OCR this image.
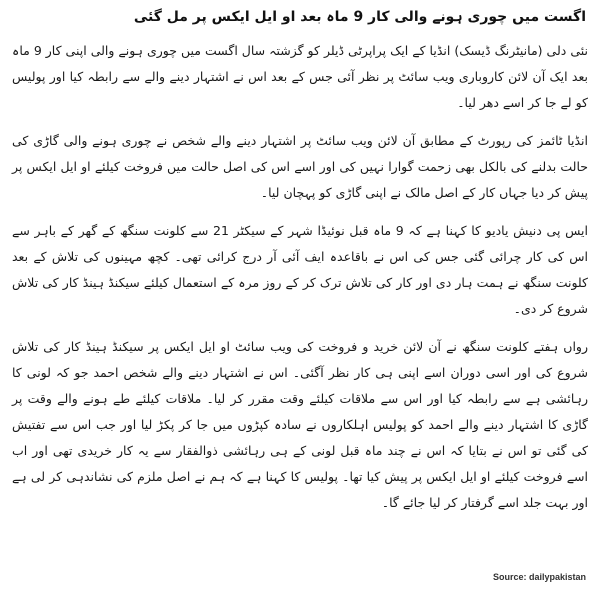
اگست میں چوری ہونے والی کار 9 ماہ بعد او ایل ایکس پر مل گئی

نئی دلی (مانیٹرنگ ڈیسک) انڈیا کے ایک پراپرٹی ڈیلر کو گزشتہ سال اگست میں چوری ہونے والی اپنی کار 9 ماہ بعد ایک آن لائن کاروباری ویب سائٹ پر نظر آئی جس کے بعد اس نے اشتہار دینے والے سے رابطہ کیا اور پولیس کو لے جا کر اسے دھر لیا۔

انڈیا ٹائمز کی رپورٹ کے مطابق آن لائن ویب سائٹ پر اشتہار دینے والے شخص نے چوری ہونے والی گاڑی کی حالت بدلنے کی بالکل بھی زحمت گوارا نہیں کی اور اسے اس کی اصل حالت میں فروخت کیلئے او ایل ایکس پر پیش کر دیا جہاں کار کے اصل مالک نے اپنی گاڑی کو پہچان لیا۔

ایس پی دنیش یادیو کا کہنا ہے کہ 9 ماہ قبل نوئیڈا شہر کے سیکٹر 21 سے کلونت سنگھ کے گھر کے باہر سے اس کی کار چرائی گئی جس کی اس نے باقاعدہ ایف آئی آر درج کرائی تھی۔ کچھ مہینوں کی تلاش کے بعد کلونت سنگھ نے ہمت ہار دی اور کار کی تلاش ترک کر کے روز مرہ کے استعمال کیلئے سیکنڈ ہینڈ کار کی تلاش شروع کر دی۔

رواں ہفتے کلونت سنگھ نے آن لائن خرید و فروخت کی ویب سائٹ او ایل ایکس پر سیکنڈ ہینڈ کار کی تلاش شروع کی اور اسی دوران اسے اپنی ہی کار نظر آگئی۔ اس نے اشتہار دینے والے شخص احمد جو کہ لونی کا رہائشی ہے سے رابطہ کیا اور اس سے ملاقات کیلئے وقت مقرر کر لیا۔ ملاقات کیلئے طے ہونے والے وقت پر گاڑی کا اشتہار دینے والے احمد کو پولیس اہلکاروں نے سادہ کپڑوں میں جا کر پکڑ لیا اور جب اس سے تفتیش کی گئی تو اس نے بتایا کہ اس نے چند ماہ قبل لونی کے ہی رہائشی ذوالفقار سے یہ کار خریدی تھی اور اب اسے فروخت کیلئے او ایل ایکس پر پیش کیا تھا۔ پولیس کا کہنا ہے کہ ہم نے اصل ملزم کی نشاندہی کر لی ہے اور بہت جلد اسے گرفتار کر لیا جائے گا۔

Source: dailypakistan
